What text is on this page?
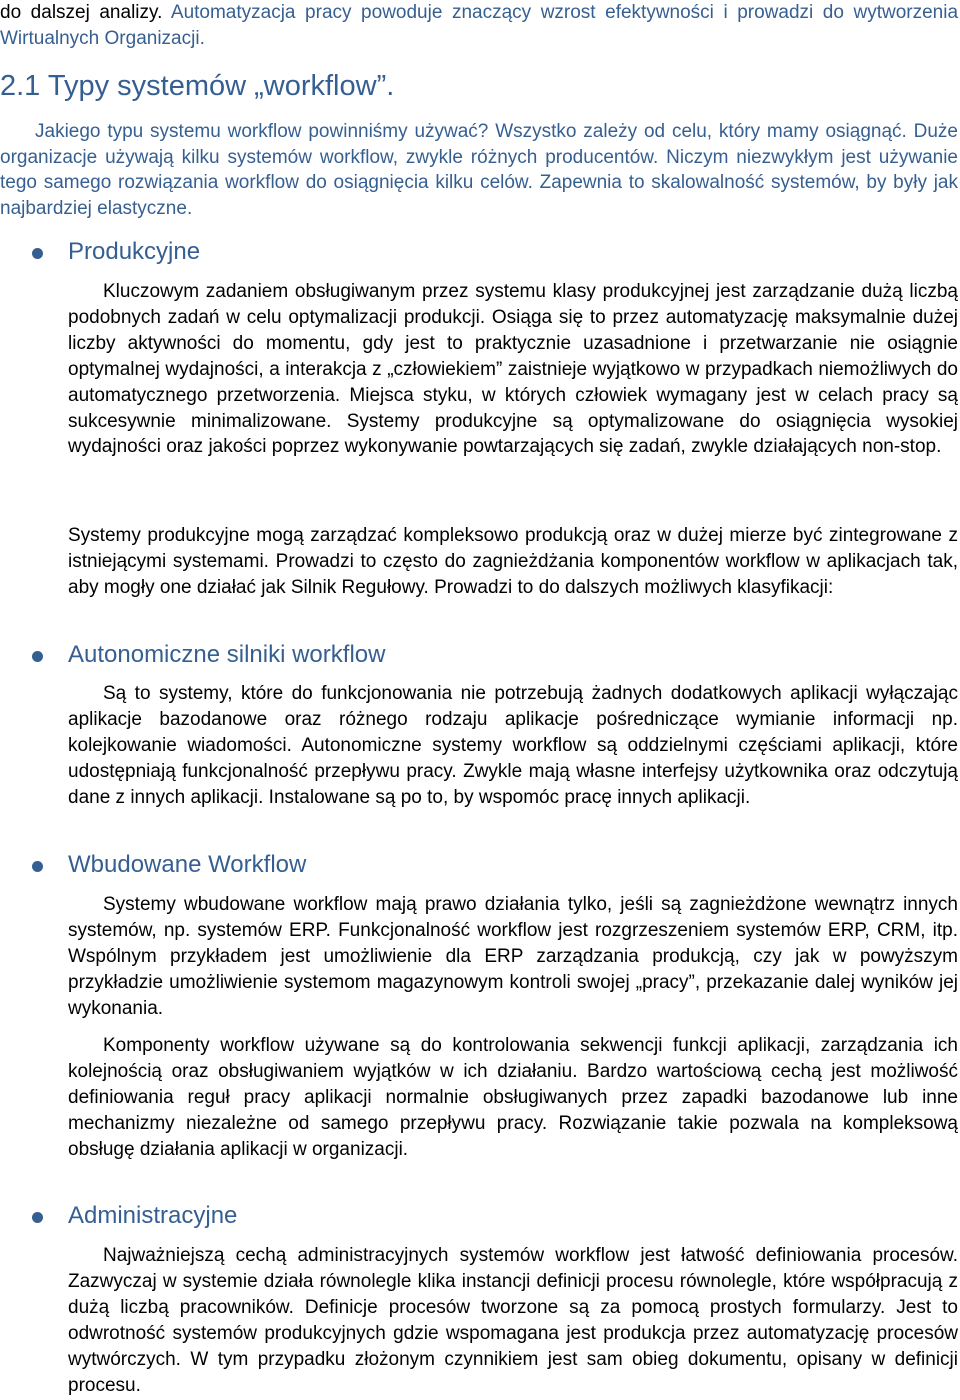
do dalszej analizy. Automatyzacja pracy powoduje znaczący wzrost efektywności i prowadzi do wytworzenia Wirtualnych Organizacji.

2.1 Typy systemów „workflow”.

Jakiego typu systemu workflow powinniśmy używać? Wszystko zależy od celu, który mamy osiągnąć. Duże organizacje używają kilku systemów workflow, zwykle różnych producentów. Niczym niezwykłym jest używanie tego samego rozwiązania workflow do osiągnięcia kilku celów. Zapewnia to skalowalność systemów, by były jak najbardziej elastyczne.

Produkcyjne

Kluczowym zadaniem obsługiwanym przez systemu klasy produkcyjnej jest zarządzanie dużą liczbą podobnych zadań w celu optymalizacji produkcji. Osiąga się to przez automatyzację maksymalnie dużej liczby aktywności do momentu, gdy jest to praktycznie uzasadnione i przetwarzanie nie osiągnie optymalnej wydajności, a interakcja z „człowiekiem” zaistnieje wyjątkowo w przypadkach niemożliwych do automatycznego przetworzenia. Miejsca styku, w których człowiek wymagany jest w celach pracy są sukcesywnie minimalizowane. Systemy produkcyjne są optymalizowane do osiągnięcia wysokiej wydajności oraz jakości poprzez wykonywanie powtarzających się zadań, zwykle działających non-stop.

Systemy produkcyjne mogą zarządzać kompleksowo produkcją oraz w dużej mierze być zintegrowane z istniejącymi systemami. Prowadzi to często do zagnieżdżania komponentów workflow w aplikacjach tak, aby mogły one działać jak Silnik Regułowy. Prowadzi to do dalszych możliwych klasyfikacji:

Autonomiczne silniki workflow

Są to systemy, które do funkcjonowania nie potrzebują żadnych dodatkowych aplikacji wyłączając aplikacje bazodanowe oraz różnego rodzaju aplikacje pośredniczące wymianie informacji np. kolejkowanie wiadomości. Autonomiczne systemy workflow są oddzielnymi częściami aplikacji, które udostępniają funkcjonalność przepływu pracy. Zwykle mają własne interfejsy użytkownika oraz odczytują dane z innych aplikacji. Instalowane są po to, by wspomóc pracę innych aplikacji.

Wbudowane Workflow

Systemy wbudowane workflow mają prawo działania tylko, jeśli są zagnieżdżone wewnątrz innych systemów, np. systemów ERP. Funkcjonalność workflow jest rozgrzeszeniem systemów ERP, CRM, itp. Wspólnym przykładem jest umożliwienie dla ERP zarządzania produkcją, czy jak w powyższym przykładzie umożliwienie systemom magazynowym kontroli swojej „pracy”, przekazanie dalej wyników jej wykonania.

Komponenty workflow używane są do kontrolowania sekwencji funkcji aplikacji, zarządzania ich kolejnością oraz obsługiwaniem wyjątków w ich działaniu. Bardzo wartościową cechą jest możliwość definiowania reguł pracy aplikacji normalnie obsługiwanych przez zapadki bazodanowe lub inne mechanizmy niezależne od samego przepływu pracy. Rozwiązanie takie pozwala na kompleksową obsługę działania aplikacji w organizacji.

Administracyjne

Najważniejszą cechą administracyjnych systemów workflow jest łatwość definiowania procesów. Zazwyczaj w systemie działa równolegle klika instancji definicji procesu równolegle, które współpracują z dużą liczbą pracowników. Definicje procesów tworzone są za pomocą prostych formularzy. Jest to odwrotność systemów produkcyjnych gdzie wspomagana jest produkcja przez automatyzację procesów wytwórczych. W tym przypadku złożonym czynnikiem jest sam obieg dokumentu, opisany w definicji procesu.
